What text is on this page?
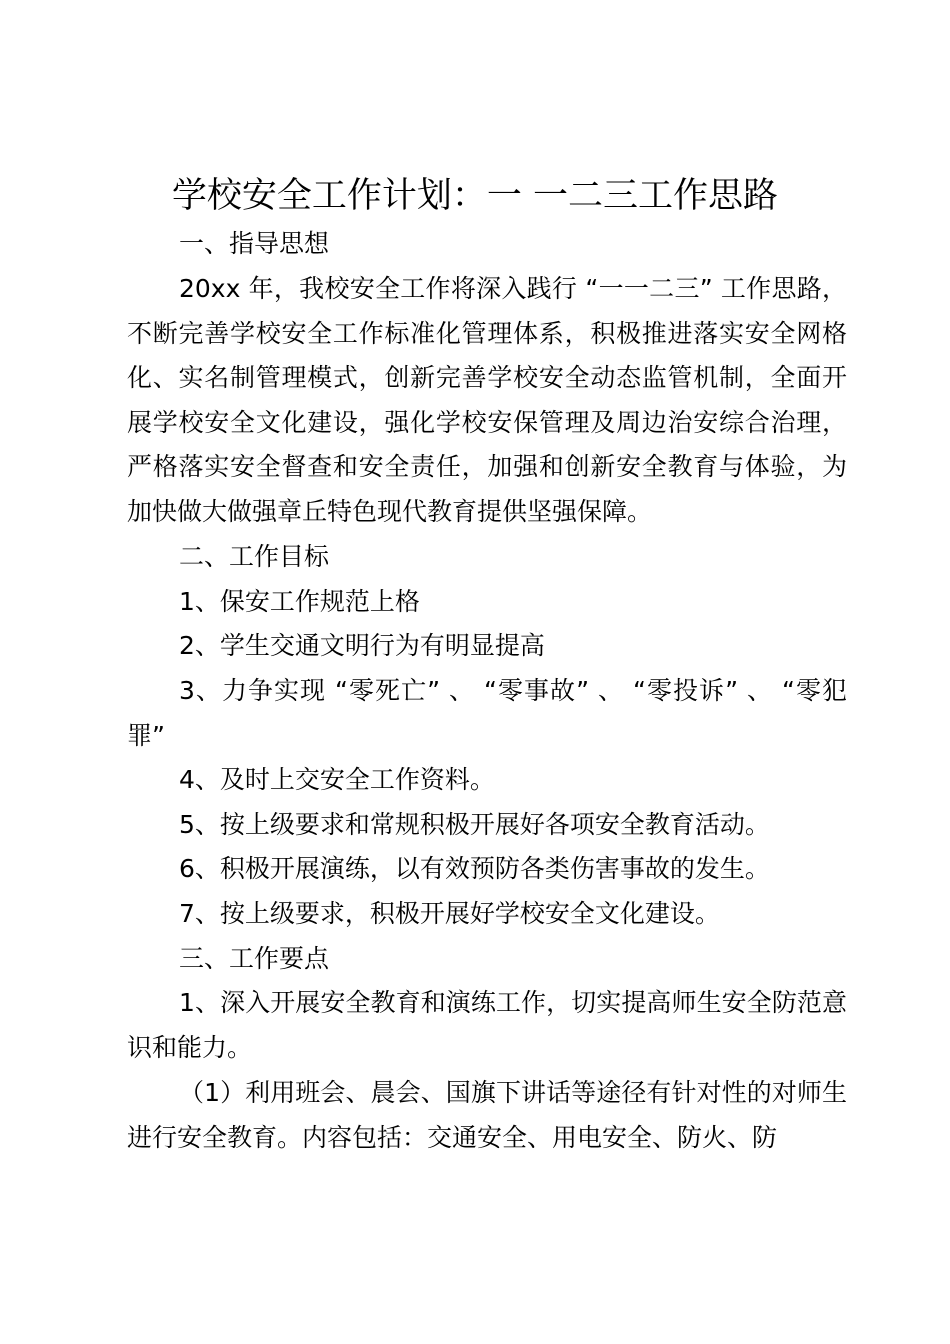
学校安全工作计划：一 一二三工作思路

一、指导思想

20xx 年，我校安全工作将深入践行 “一一二三” 工作思路，不断完善学校安全工作标准化管理体系，积极推进落实安全网格化、实名制管理模式，创新完善学校安全动态监管机制，全面开展学校安全文化建设，强化学校安保管理及周边治安综合治理，严格落实安全督查和安全责任，加强和创新安全教育与体验，为加快做大做强章丘特色现代教育提供坚强保障。

二、工作目标

1、保安工作规范上格

2、学生交通文明行为有明显提高

3、力争实现 “零死亡” 、 “零事故” 、 “零投诉” 、 “零犯罪”

4、及时上交安全工作资料。

5、按上级要求和常规积极开展好各项安全教育活动。

6、积极开展演练，以有效预防各类伤害事故的发生。

7、按上级要求，积极开展好学校安全文化建设。

三、工作要点

1、深入开展安全教育和演练工作，切实提高师生安全防范意识和能力。

（1）利用班会、晨会、国旗下讲话等途径有针对性的对师生进行安全教育。内容包括：交通安全、用电安全、防火、防
